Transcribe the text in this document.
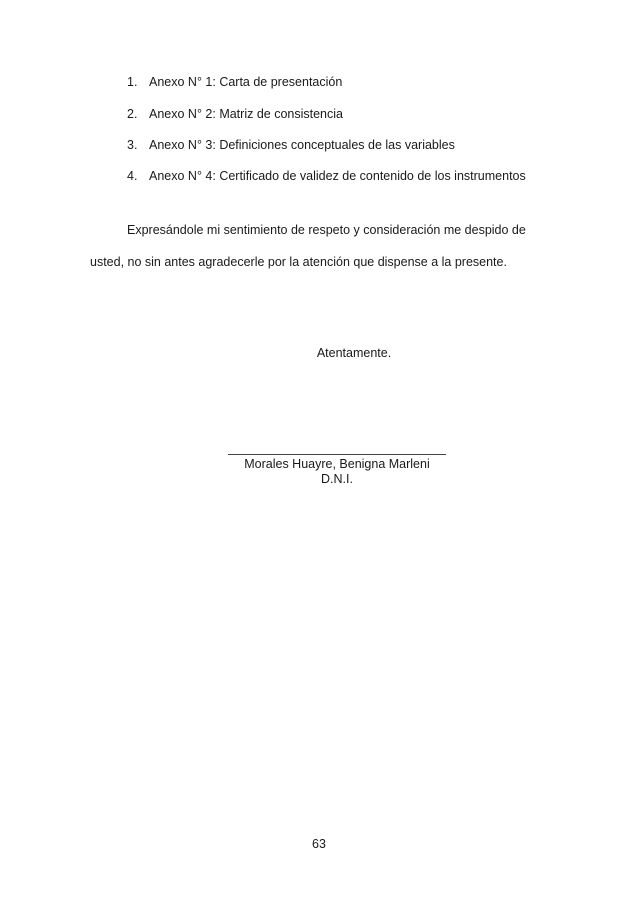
1. Anexo N° 1: Carta de presentación
2. Anexo N° 2: Matriz de consistencia
3. Anexo N° 3: Definiciones conceptuales de las variables
4. Anexo N° 4: Certificado de validez de contenido de los instrumentos
Expresándole mi sentimiento de respeto y consideración me despido de
usted, no sin antes agradecerle por la atención que dispense a la presente.
Atentamente.
Morales Huayre, Benigna Marleni
D.N.I.
63
